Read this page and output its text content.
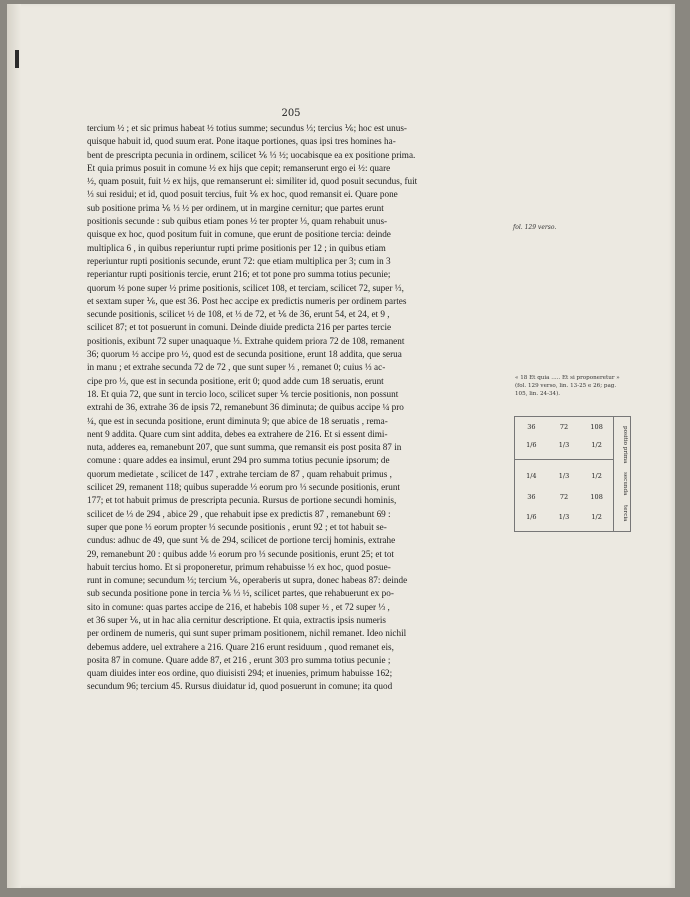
205
tercium ½ ; et sic primus habeat ½ totius summe; secundus ⅓; tercius ⅙; hoc est unus-
quisque habuit id, quod suum erat. Pone itaque portiones, quas ipsi tres homines ha-
bent de prescripta pecunia in ordinem, scilicet ⅙ ⅓ ½; uocabisque ea ex positione prima.
Et quia primus posuit in comune ½ ex hijs que cepit; remanserunt ergo ei ½: quare
½, quam posuit, fuit ½ ex hijs, que remanserunt ei: similiter id, quod posuit secundus, fuit
⅓ sui residui; et id, quod posuit tercius, fuit ⅙ ex hoc, quod remansit ei. Quare pone
sub positione prima ⅙ ⅓ ½ per ordinem, ut in margine cernitur; que partes erunt
positionis secunde : sub quibus etiam pones ½ ter propter ⅓, quam rehabuit unus-
quisque ex hoc, quod positum fuit in comune, que erunt de positione tercia: deinde
multiplica 6 , in quibus reperiuntur rupti prime positionis per 12 ; in quibus etiam
reperiuntur rupti positionis secunde, erunt 72: que etiam multiplica per 3; cum in 3
reperiantur rupti positionis tercie, erunt 216; et tot pone pro summa totius pecunie;
quorum ½ pone super ½ prime positionis, scilicet 108, et terciam, scilicet 72, super ⅓,
et sextam super ⅙, que est 36. Post hec accipe ex predictis numeris per ordinem partes
secunde positionis, scilicet ½ de 108, et ⅓ de 72, et ⅙ de 36, erunt 54, et 24, et 9 ,
scilicet 87; et tot posuerunt in comuni. Deinde diuide predicta 216 per partes tercie
positionis, exibunt 72 super unaquaque ⅓. Extrahe quidem priora 72 de 108, remanent
36; quorum ½ accipe pro ½, quod est de secunda positione, erunt 18 addita, que serua
in manu ; et extrahe secunda 72 de 72 , que sunt super ⅓ , remanet 0; cuius ⅓ ac-
cipe pro ⅓, que est in secunda positione, erit 0; quod adde cum 18 seruatis, erunt
18. Et quia 72, que sunt in tercio loco, scilicet super ⅙ tercie positionis, non possunt
extrahi de 36, extrahe 36 de ipsis 72, remanebunt 36 diminuta; de quibus accipe ¼ pro
¼, que est in secunda positione, erunt diminuta 9; que abice de 18 seruatis , rema-
nent 9 addita. Quare cum sint addita, debes ea extrahere de 216. Et si essent dimi-
nuta, adderes ea, remanebunt 207, que sunt summa, que remansit eis post posita 87 in
comune : quare addes ea insimul, erunt 294 pro summa totius pecunie ipsorum; de
quorum medietate , scilicet de 147 , extrahe terciam de 87 , quam rehabuit primus ,
scilicet 29, remanent 118; quibus superadde ⅓ eorum pro ⅓ secunde positionis, erunt
177; et tot habuit primus de prescripta pecunia. Rursus de portione secundi hominis,
scilicet de ⅓ de 294 , abice 29 , que rehabuit ipse ex predictis 87 , remanebunt 69 :
super que pone ⅓ eorum propter ⅓ secunde positionis , erunt 92 ; et tot habuit se-
cundus: adhuc de 49, que sunt ⅙ de 294, scilicet de portione tercij hominis, extrahe
29, remanebunt 20 : quibus adde ⅓ eorum pro ⅓ secunde positionis, erunt 25; et tot
habuit tercius homo. Et si proponeretur, primum rehabuisse ⅓ ex hoc, quod posue-
runt in comune; secundum ⅓; tercium ⅙, operaberis ut supra, donec habeas 87: deinde
sub secunda positione pone in tercia ⅙ ⅓ ½, scilicet partes, que rehabuerunt ex po-
sito in comune: quas partes accipe de 216, et habebis 108 super ½ , et 72 super ⅓ ,
et 36 super ⅙, ut in hac alia cernitur descriptione. Et quia, extractis ipsis numeris
per ordinem de numeris, qui sunt super primam positionem, nichil remanet. Ideo nichil
debemus addere, uel extrahere a 216. Quare 216 erunt residuum , quod remanet eis,
posita 87 in comune. Quare adde 87, et 216 , erunt 303 pro summa totius pecunie ;
quam diuides inter eos ordine, quo diuisisti 294; et inuenies, primum habuisse 162;
secundum 96; tercium 45. Rursus diuidatur id, quod posuerunt in comune; ita quod
fol. 129 verso.
« 18 Et quia ..... Et si proponeretur » (fol. 129 verso, lin. 13-25 e 26; pag. 105, lin. 24-34).
36	72	108
1/6	1/3	1/2
1/4	1/3	1/2
36	72	108
1/6	1/3	1/2
positio prima
secunda
tercia
